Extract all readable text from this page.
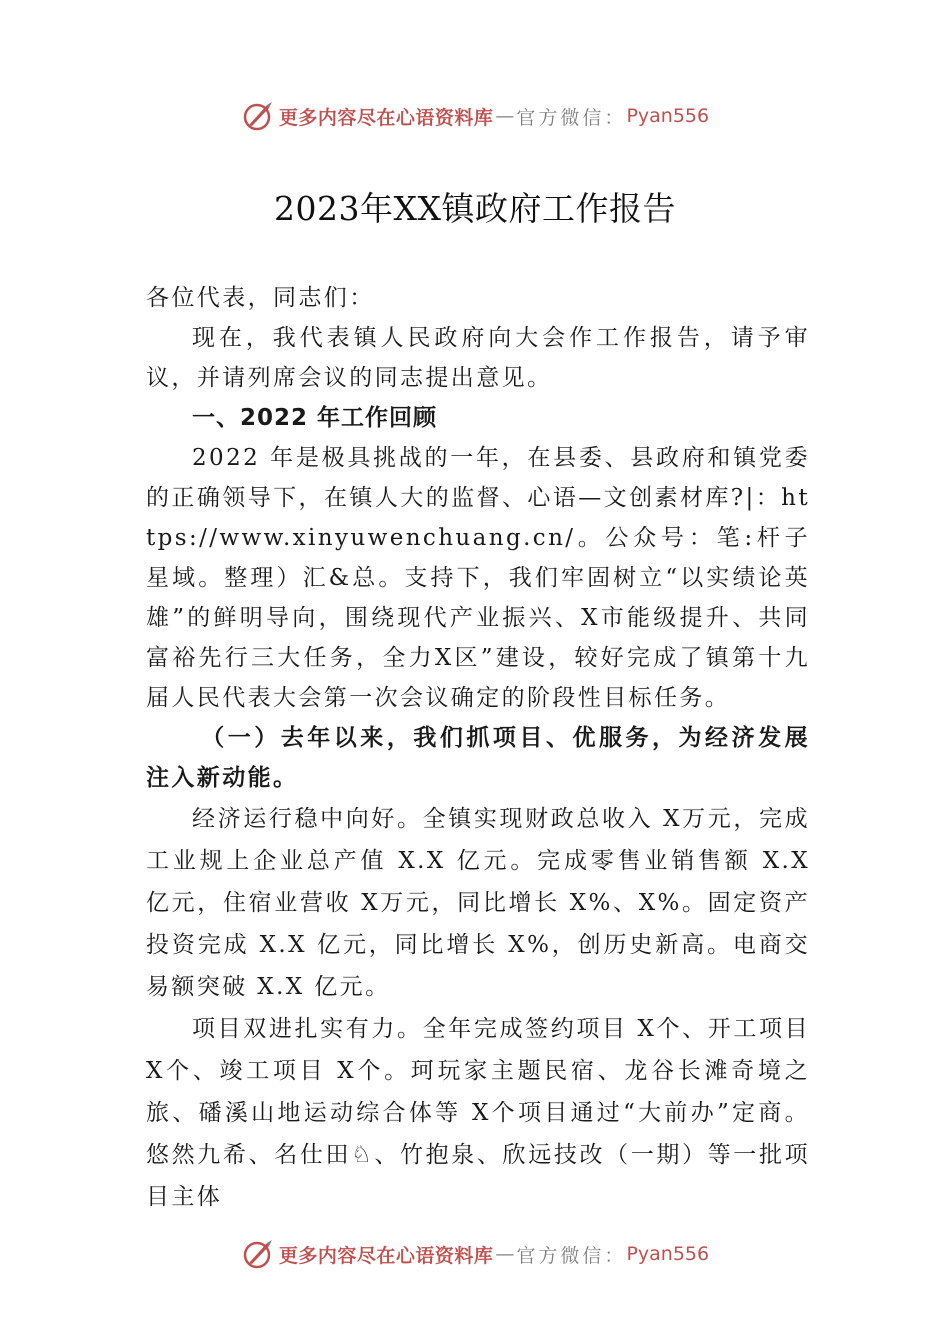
更多内容尽在心语资料库 — 官方微信： Pyan556
2023年XX镇政府工作报告

各位代表，同志们：

现在，我代表镇人民政府向大会作工作报告，请予审议，并请列席会议的同志提出意见。

一、2022 年工作回顾

2022 年是极具挑战的一年，在县委、县政府和镇党委的正确领导下，在镇人大的监督、心语—文创素材库?|：https://www.xinyuwenchuang.cn/。公众号：笔:杆子星域。整理）汇&总。支持下，我们牢固树立“以实绩论英雄”的鲜明导向，围绕现代产业振兴、X市能级提升、共同富裕先行三大任务，全力X区”建设，较好完成了镇第十九届人民代表大会第一次会议确定的阶段性目标任务。

（一）去年以来，我们抓项目、优服务，为经济发展注入新动能。

经济运行稳中向好。全镇实现财政总收入 X万元，完成工业规上企业总产值 X.X 亿元。完成零售业销售额 X.X 亿元，住宿业营收 X万元，同比增长 X%、X%。固定资产投资完成 X.X 亿元，同比增长 X%，创历史新高。电商交易额突破 X.X 亿元。

项目双进扎实有力。全年完成签约项目 X个、开工项目 X个、竣工项目 X个。珂玩家主题民宿、龙谷长滩奇境之旅、磻溪山地运动综合体等 X个项目通过“大前办”定商。悠然九希、名仕田♘、竹抱泉、欣远技改（一期）等一批项目主体

更多内容尽在心语资料库 — 官方微信： Pyan556
